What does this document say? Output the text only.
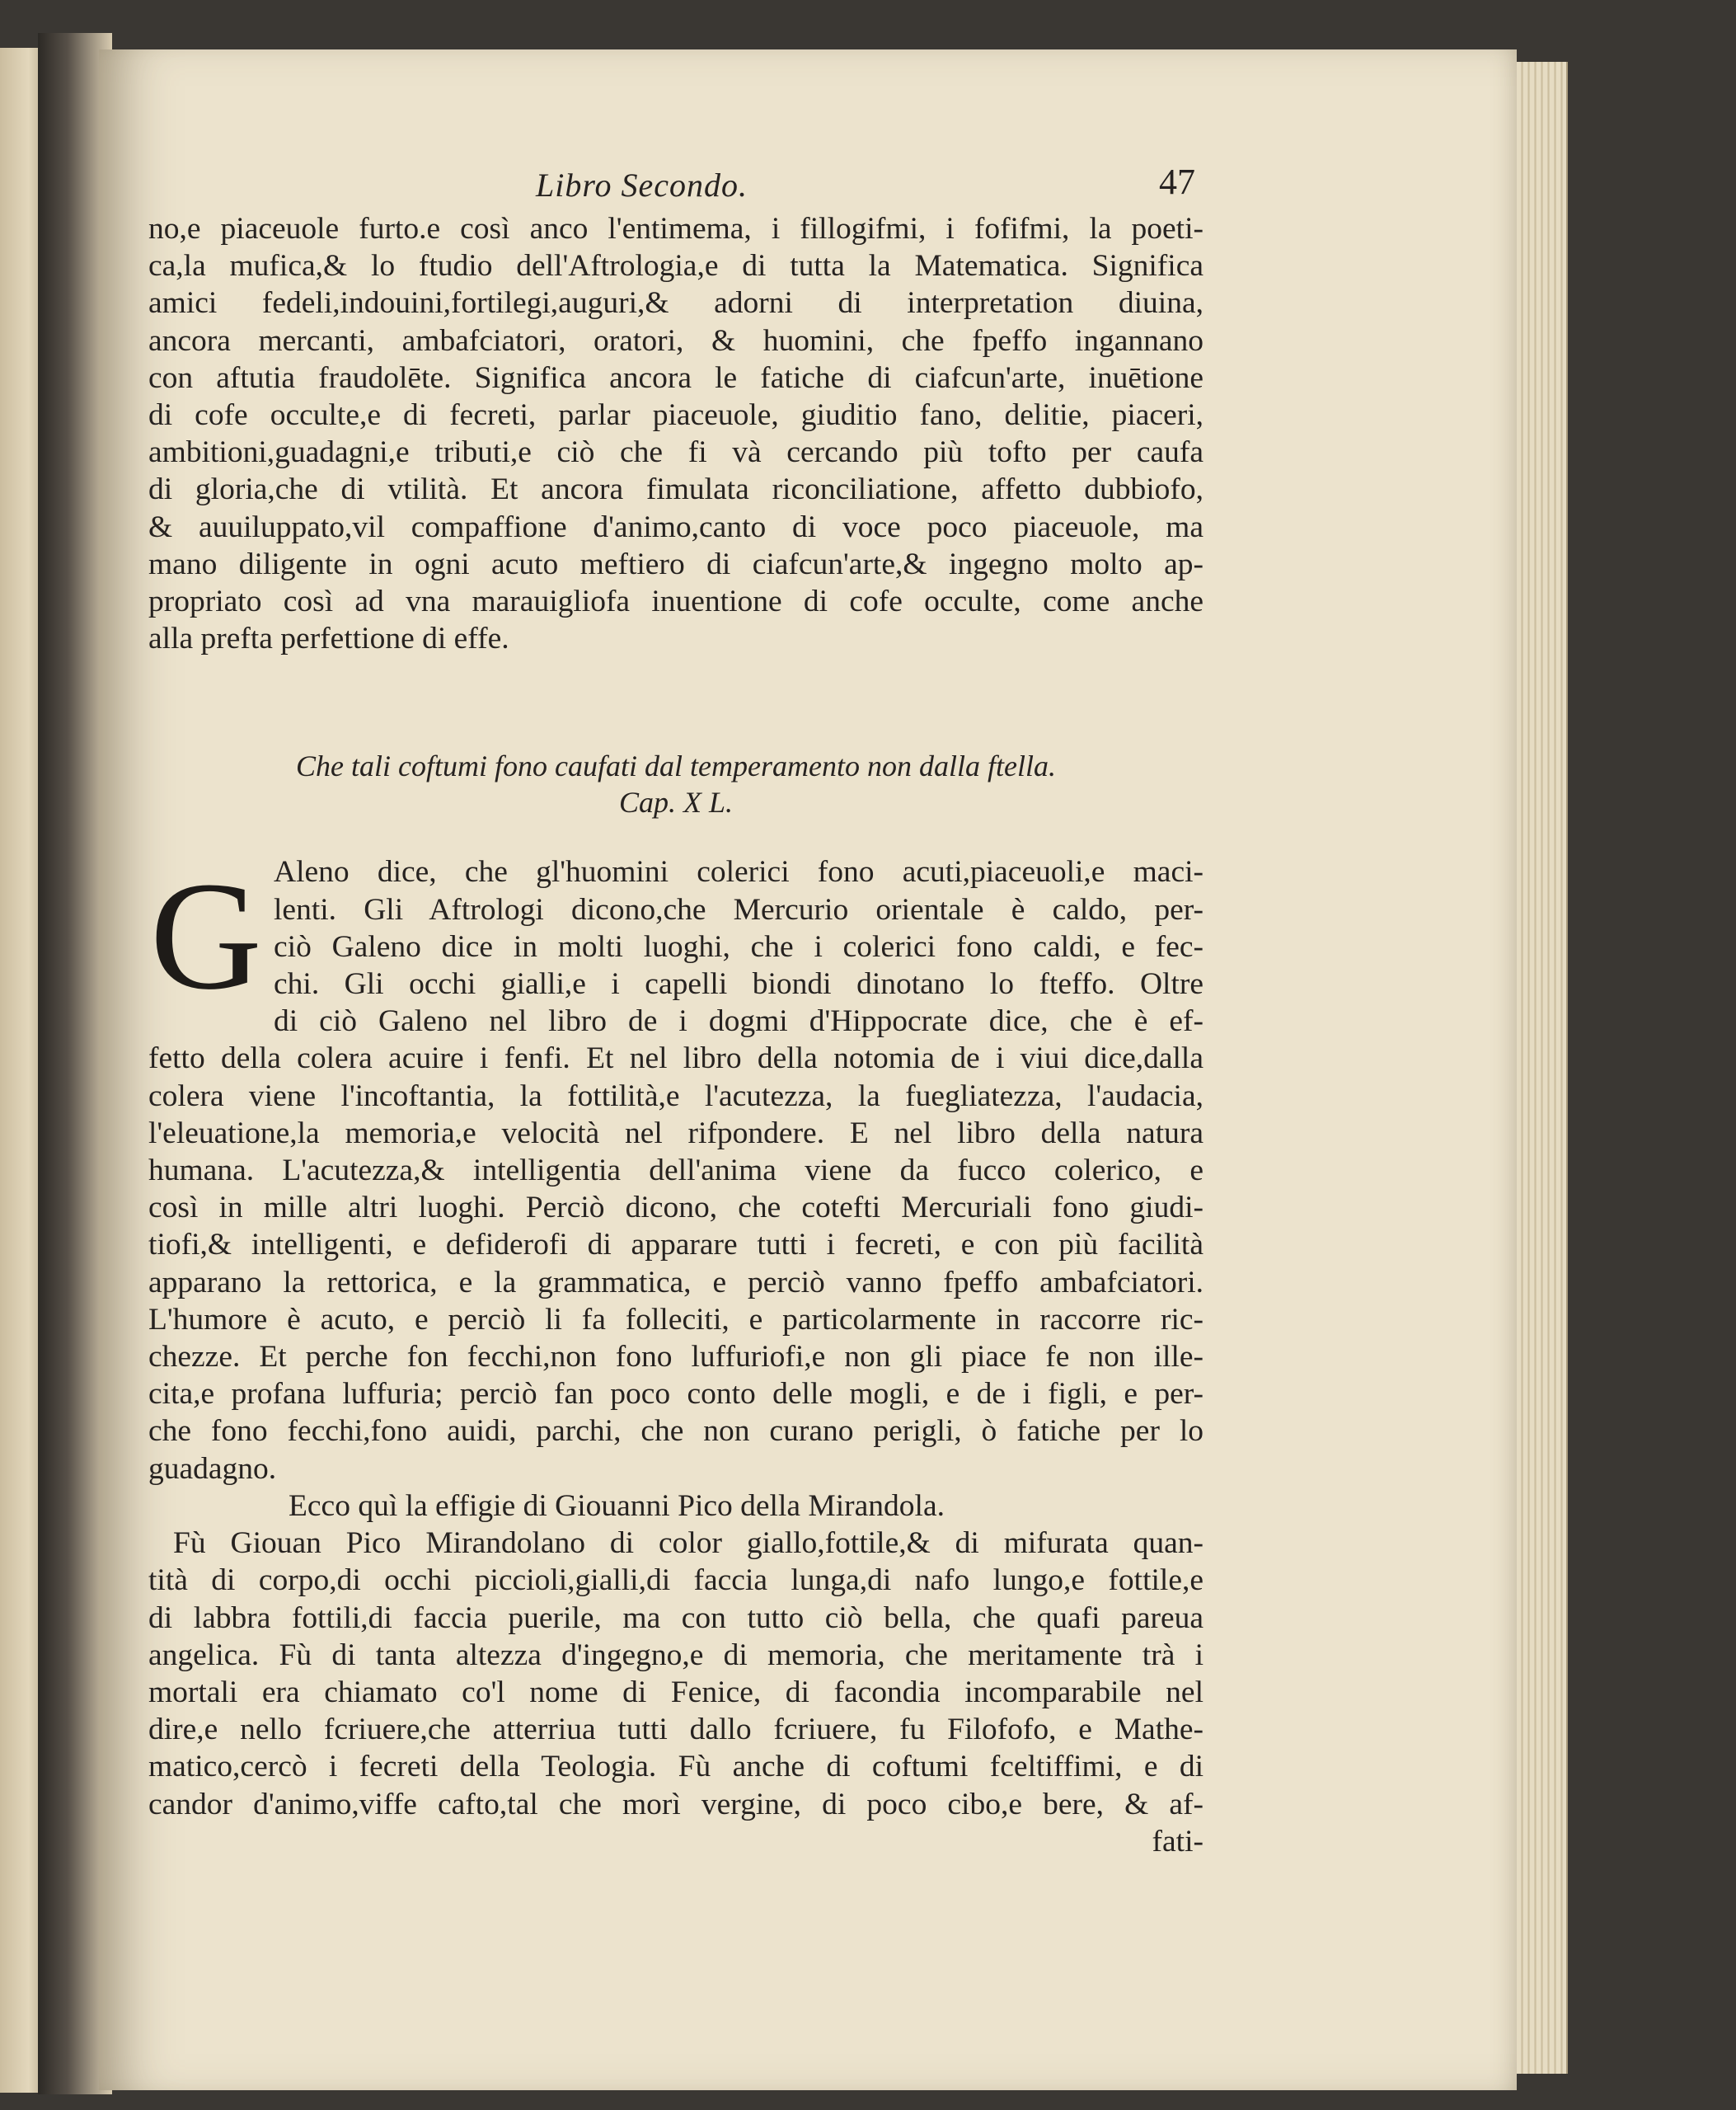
Libro Secondo.	47
no,e piaceuole furto.e così anco l'entimema, i fillogifmi, i fofifmi, la poeti-
ca,la mufica,& lo ftudio dell'Aftrologia,e di tutta la Matematica. Significa
amici fedeli,indouini,fortilegi,auguri,& adorni di interpretation diuina,
ancora mercanti, ambafciatori, oratori, & huomini, che fpeffo ingannano
con aftutia fraudolēte. Significa ancora le fatiche di ciafcun'arte, inuētione
di cofe occulte,e di fecreti, parlar piaceuole, giuditio fano, delitie, piaceri,
ambitioni,guadagni,e tributi,e ciò che fi và cercando più tofto per caufa
di gloria,che di vtilità. Et ancora fimulata riconciliatione, affetto dubbiofo,
& auuiluppato,vil compaffione d'animo,canto di voce poco piaceuole, ma
mano diligente in ogni acuto meftiero di ciafcun'arte,& ingegno molto ap-
propriato così ad vna marauigliofa inuentione di cofe occulte, come anche
alla prefta perfettione di effe.
Che tali coftumi fono caufati dal temperamento non dalla ftella.
Cap. X L.
G Aleno dice, che gl'huomini colerici fono acuti,piaceuoli,e maci-
lenti. Gli Aftrologi dicono,che Mercurio orientale è caldo, per-
ciò Galeno dice in molti luoghi, che i colerici fono caldi, e fec-
chi. Gli occhi gialli,e i capelli biondi dinotano lo fteffo. Oltre
di ciò Galeno nel libro de i dogmi d'Hippocrate dice, che è ef-
fetto della colera acuire i fenfi. Et nel libro della notomia de i viui dice,dalla
colera viene l'incoftantia, la fottilità,e l'acutezza, la fuegliatezza, l'audacia,
l'eleuatione,la memoria,e velocità nel rifpondere. E nel libro della natura
humana. L'acutezza,& intelligentia dell'anima viene da fucco colerico, e
così in mille altri luoghi. Perciò dicono, che cotefti Mercuriali fono giudi-
tiofi,& intelligenti, e defiderofi di apparare tutti i fecreti, e con più facilità
apparano la rettorica, e la grammatica, e perciò vanno fpeffo ambafciatori.
L'humore è acuto, e perciò li fa folleciti, e particolarmente in raccorre ric-
chezze. Et perche fon fecchi,non fono luffuriofi,e non gli piace fe non ille-
cita,e profana luffuria; perciò fan poco conto delle mogli, e de i figli, e per-
che fono fecchi,fono auidi, parchi, che non curano perigli, ò fatiche per lo
guadagno.
Ecco quì la effigie di Giouanni Pico della Mirandola.
Fù Giouan Pico Mirandolano di color giallo,fottile,& di mifurata quan-
tità di corpo,di occhi piccioli,gialli,di faccia lunga,di nafo lungo,e fottile,e
di labbra fottili,di faccia puerile, ma con tutto ciò bella, che quafi pareua
angelica. Fù di tanta altezza d'ingegno,e di memoria, che meritamente trà i
mortali era chiamato co'l nome di Fenice, di facondia incomparabile nel
dire,e nello fcriuere,che atterriua tutti dallo fcriuere, fu Filofofo, e Mathe-
matico,cercò i fecreti della Teologia. Fù anche di coftumi fceltiffimi, e di
candor d'animo,viffe cafto,tal che morì vergine, di poco cibo,e bere, & af-
fati-
